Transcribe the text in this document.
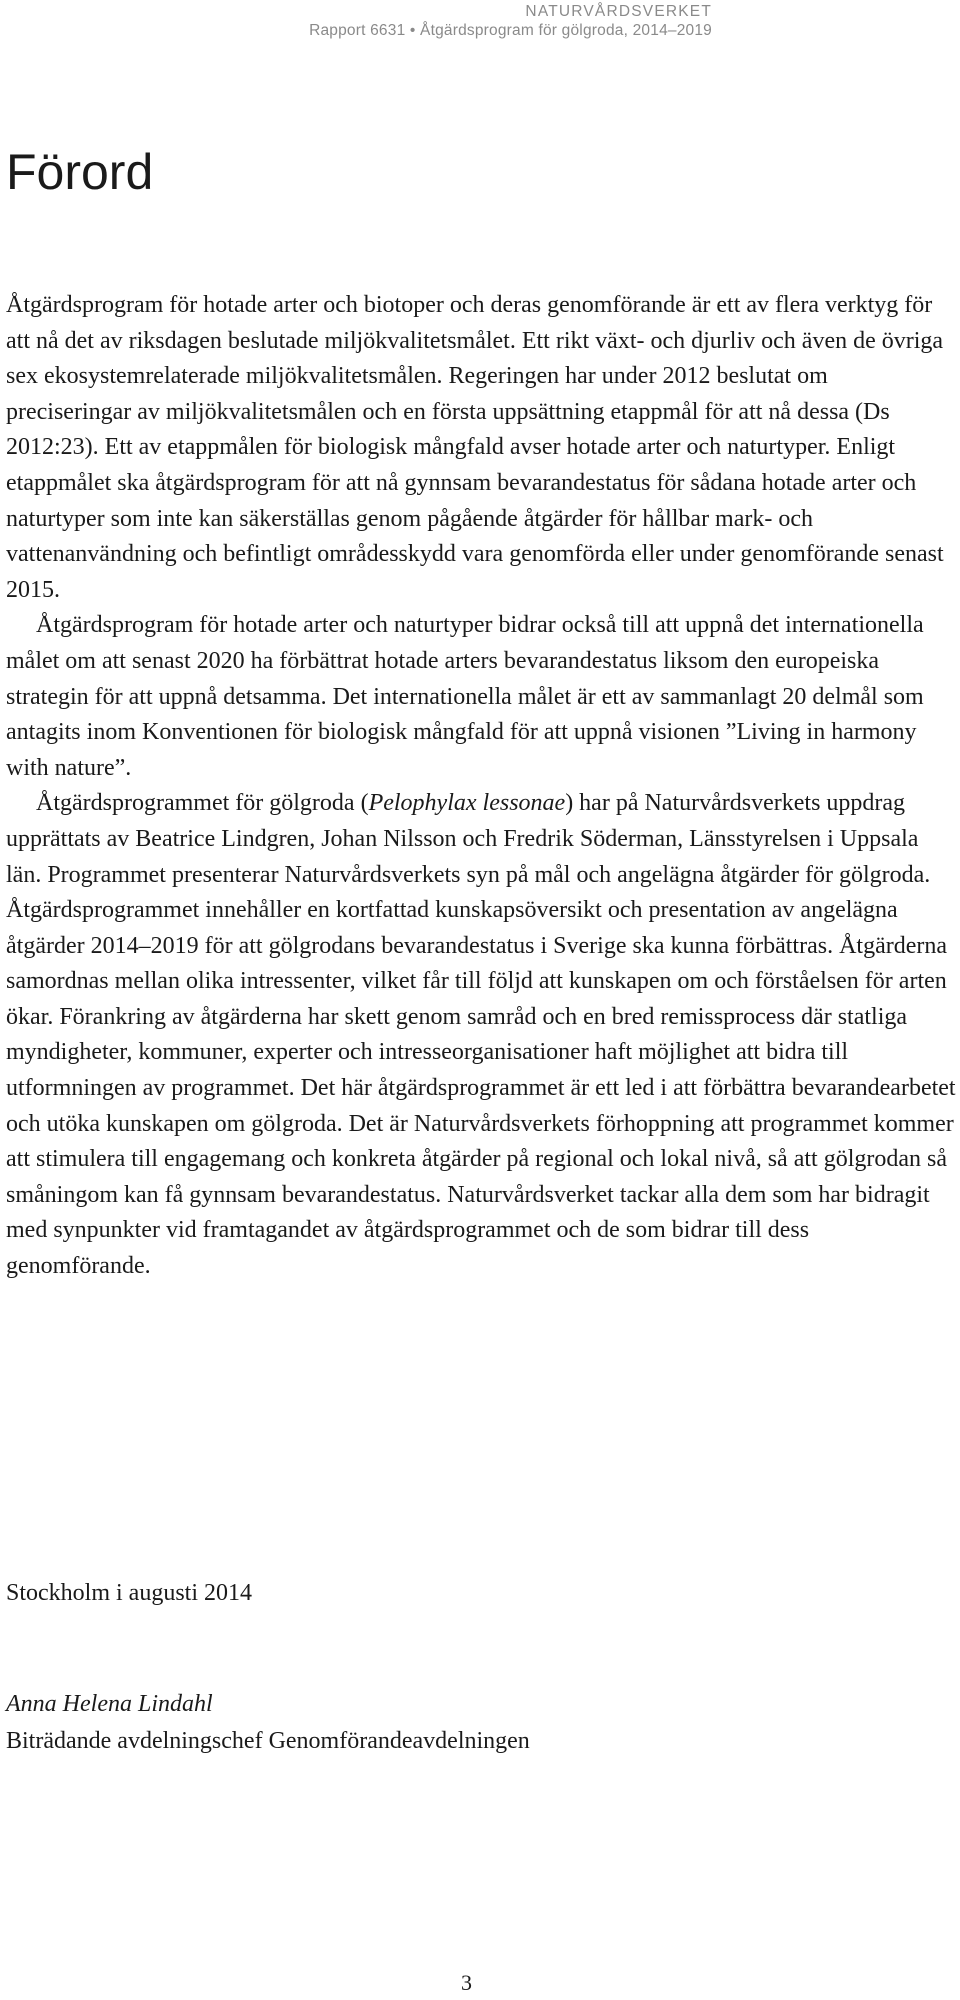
NATURVÅRDSVERKET
Rapport 6631 • Åtgärdsprogram för gölgroda, 2014–2019
Förord

Åtgärdsprogram för hotade arter och biotoper och deras genomförande är ett av flera verktyg för att nå det av riksdagen beslutade miljökvalitetsmålet. Ett rikt växt- och djurliv och även de övriga sex ekosystemrelaterade miljökvalitetsmålen. Regeringen har under 2012 beslutat om preciseringar av miljökvalitetsmålen och en första uppsättning etappmål för att nå dessa (Ds 2012:23). Ett av etappmålen för biologisk mångfald avser hotade arter och naturtyper. Enligt etappmålet ska åtgärdsprogram för att nå gynnsam bevarandestatus för sådana hotade arter och naturtyper som inte kan säkerställas genom pågående åtgärder för hållbar mark- och vattenanvändning och befintligt områdesskydd vara genomförda eller under genomförande senast 2015.

Åtgärdsprogram för hotade arter och naturtyper bidrar också till att uppnå det internationella målet om att senast 2020 ha förbättrat hotade arters bevarandestatus liksom den europeiska strategin för att uppnå detsamma. Det internationella målet är ett av sammanlagt 20 delmål som antagits inom Konventionen för biologisk mångfald för att uppnå visionen ”Living in harmony with nature”.

Åtgärdsprogrammet för gölgroda (Pelophylax lessonae) har på Naturvårdsverkets uppdrag upprättats av Beatrice Lindgren, Johan Nilsson och Fredrik Söderman, Länsstyrelsen i Uppsala län. Programmet presenterar Naturvårdsverkets syn på mål och angelägna åtgärder för gölgroda. Åtgärdsprogrammet innehåller en kortfattad kunskapsöversikt och presentation av angelägna åtgärder 2014–2019 för att gölgrodans bevarandestatus i Sverige ska kunna förbättras. Åtgärderna samordnas mellan olika intressenter, vilket får till följd att kunskapen om och förståelsen för arten ökar. Förankring av åtgärderna har skett genom samråd och en bred remissprocess där statliga myndigheter, kommuner, experter och intresseorganisationer haft möjlighet att bidra till utformningen av programmet. Det här åtgärdsprogrammet är ett led i att förbättra bevarandearbetet och utöka kunskapen om gölgroda. Det är Naturvårdsverkets förhoppning att programmet kommer att stimulera till engagemang och konkreta åtgärder på regional och lokal nivå, så att gölgrodan så småningom kan få gynnsam bevarandestatus. Naturvårdsverket tackar alla dem som har bidragit med synpunkter vid framtagandet av åtgärdsprogrammet och de som bidrar till dess genomförande.

Stockholm i augusti 2014
Anna Helena Lindahl
Biträdande avdelningschef Genomförandeavdelningen
3
